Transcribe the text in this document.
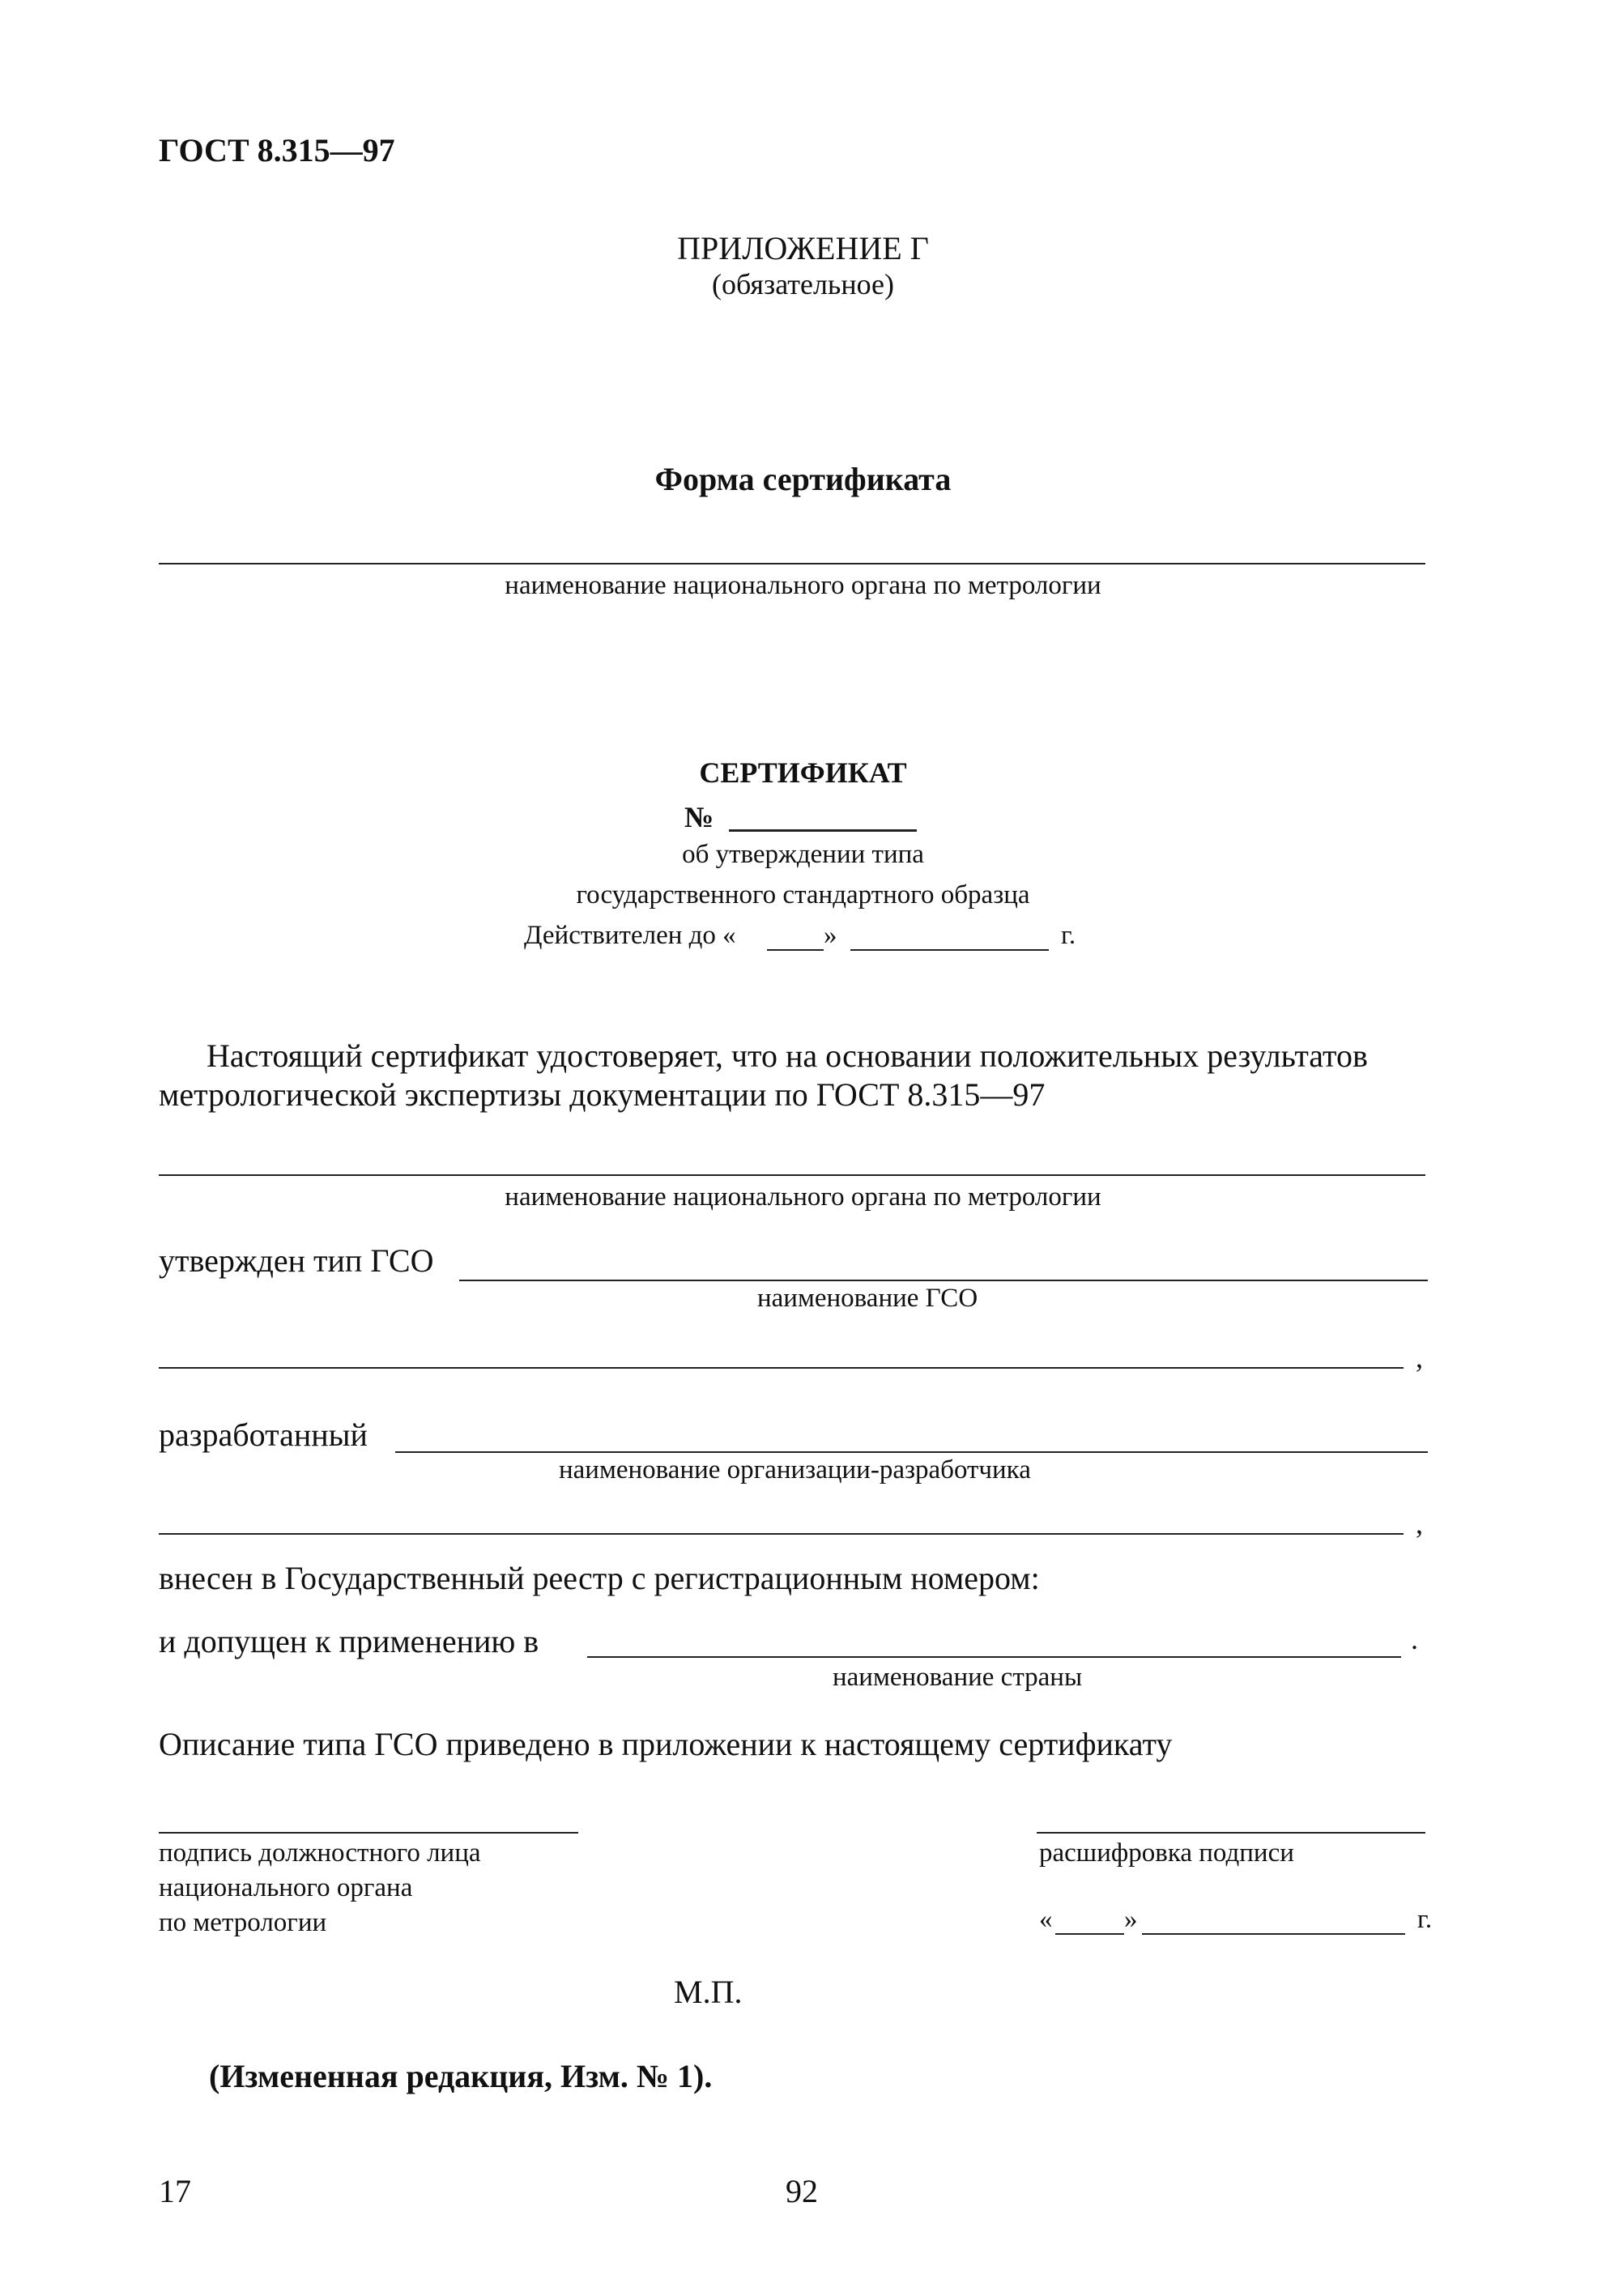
ГОСТ 8.315—97
ПРИЛОЖЕНИЕ Г
(обязательное)
Форма сертификата
наименование национального органа по метрологии
СЕРТИФИКАТ
№
об утверждении типа
государственного стандартного образца
Действителен до «	»	г.
Настоящий сертификат удостоверяет, что на основании положительных результатов
метрологической экспертизы документации по ГОСТ 8.315—97
наименование национального органа по метрологии
утвержден тип ГСО
наименование ГСО
,
разработанный
наименование организации-разработчика
,
внесен в Государственный реестр с регистрационным номером:
и допущен к применению в	.
наименование страны
Описание типа ГСО приведено в приложении к настоящему сертификату
подпись должностного лица
национального органа
по метрологии
расшифровка подписи
«	»	г.
М.П.
(Измененная редакция, Изм. № 1).
17	92
